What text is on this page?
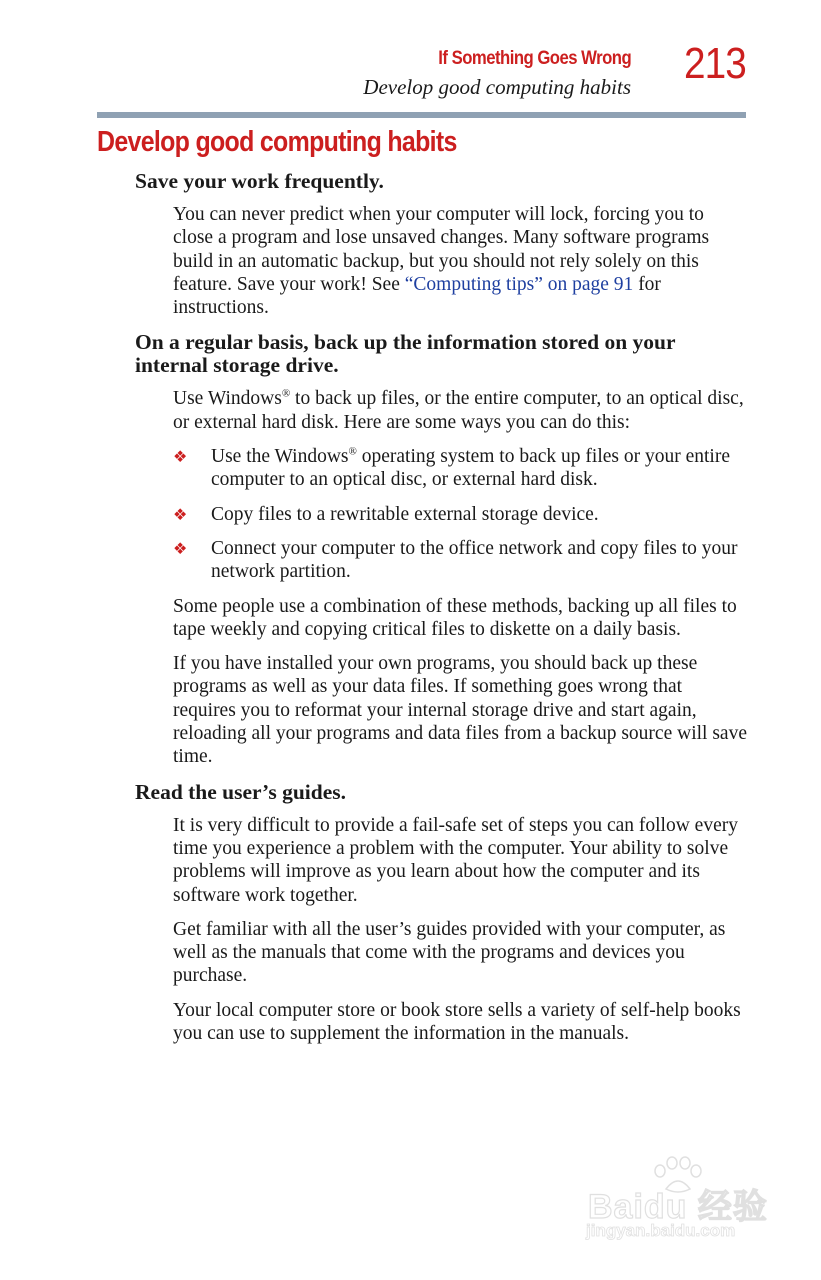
If Something Goes Wrong
Develop good computing habits 213
Develop good computing habits
Save your work frequently.

You can never predict when your computer will lock, forcing you to close a program and lose unsaved changes. Many software programs build in an automatic backup, but you should not rely solely on this feature. Save your work! See “Computing tips” on page 91 for instructions.

On a regular basis, back up the information stored on your internal storage drive.

Use Windows® to back up files, or the entire computer, to an optical disc, or external hard disk. Here are some ways you can do this:

❖ Use the Windows® operating system to back up files or your entire computer to an optical disc, or external hard disk.
❖ Copy files to a rewritable external storage device.
❖ Connect your computer to the office network and copy files to your network partition.

Some people use a combination of these methods, backing up all files to tape weekly and copying critical files to diskette on a daily basis.

If you have installed your own programs, you should back up these programs as well as your data files. If something goes wrong that requires you to reformat your internal storage drive and start again, reloading all your programs and data files from a backup source will save time.

Read the user’s guides.

It is very difficult to provide a fail-safe set of steps you can follow every time you experience a problem with the computer. Your ability to solve problems will improve as you learn about how the computer and its software work together.

Get familiar with all the user’s guides provided with your computer, as well as the manuals that come with the programs and devices you purchase.

Your local computer store or book store sells a variety of self-help books you can use to supplement the information in the manuals.

Baidu 经验
jingyan.baidu.com
